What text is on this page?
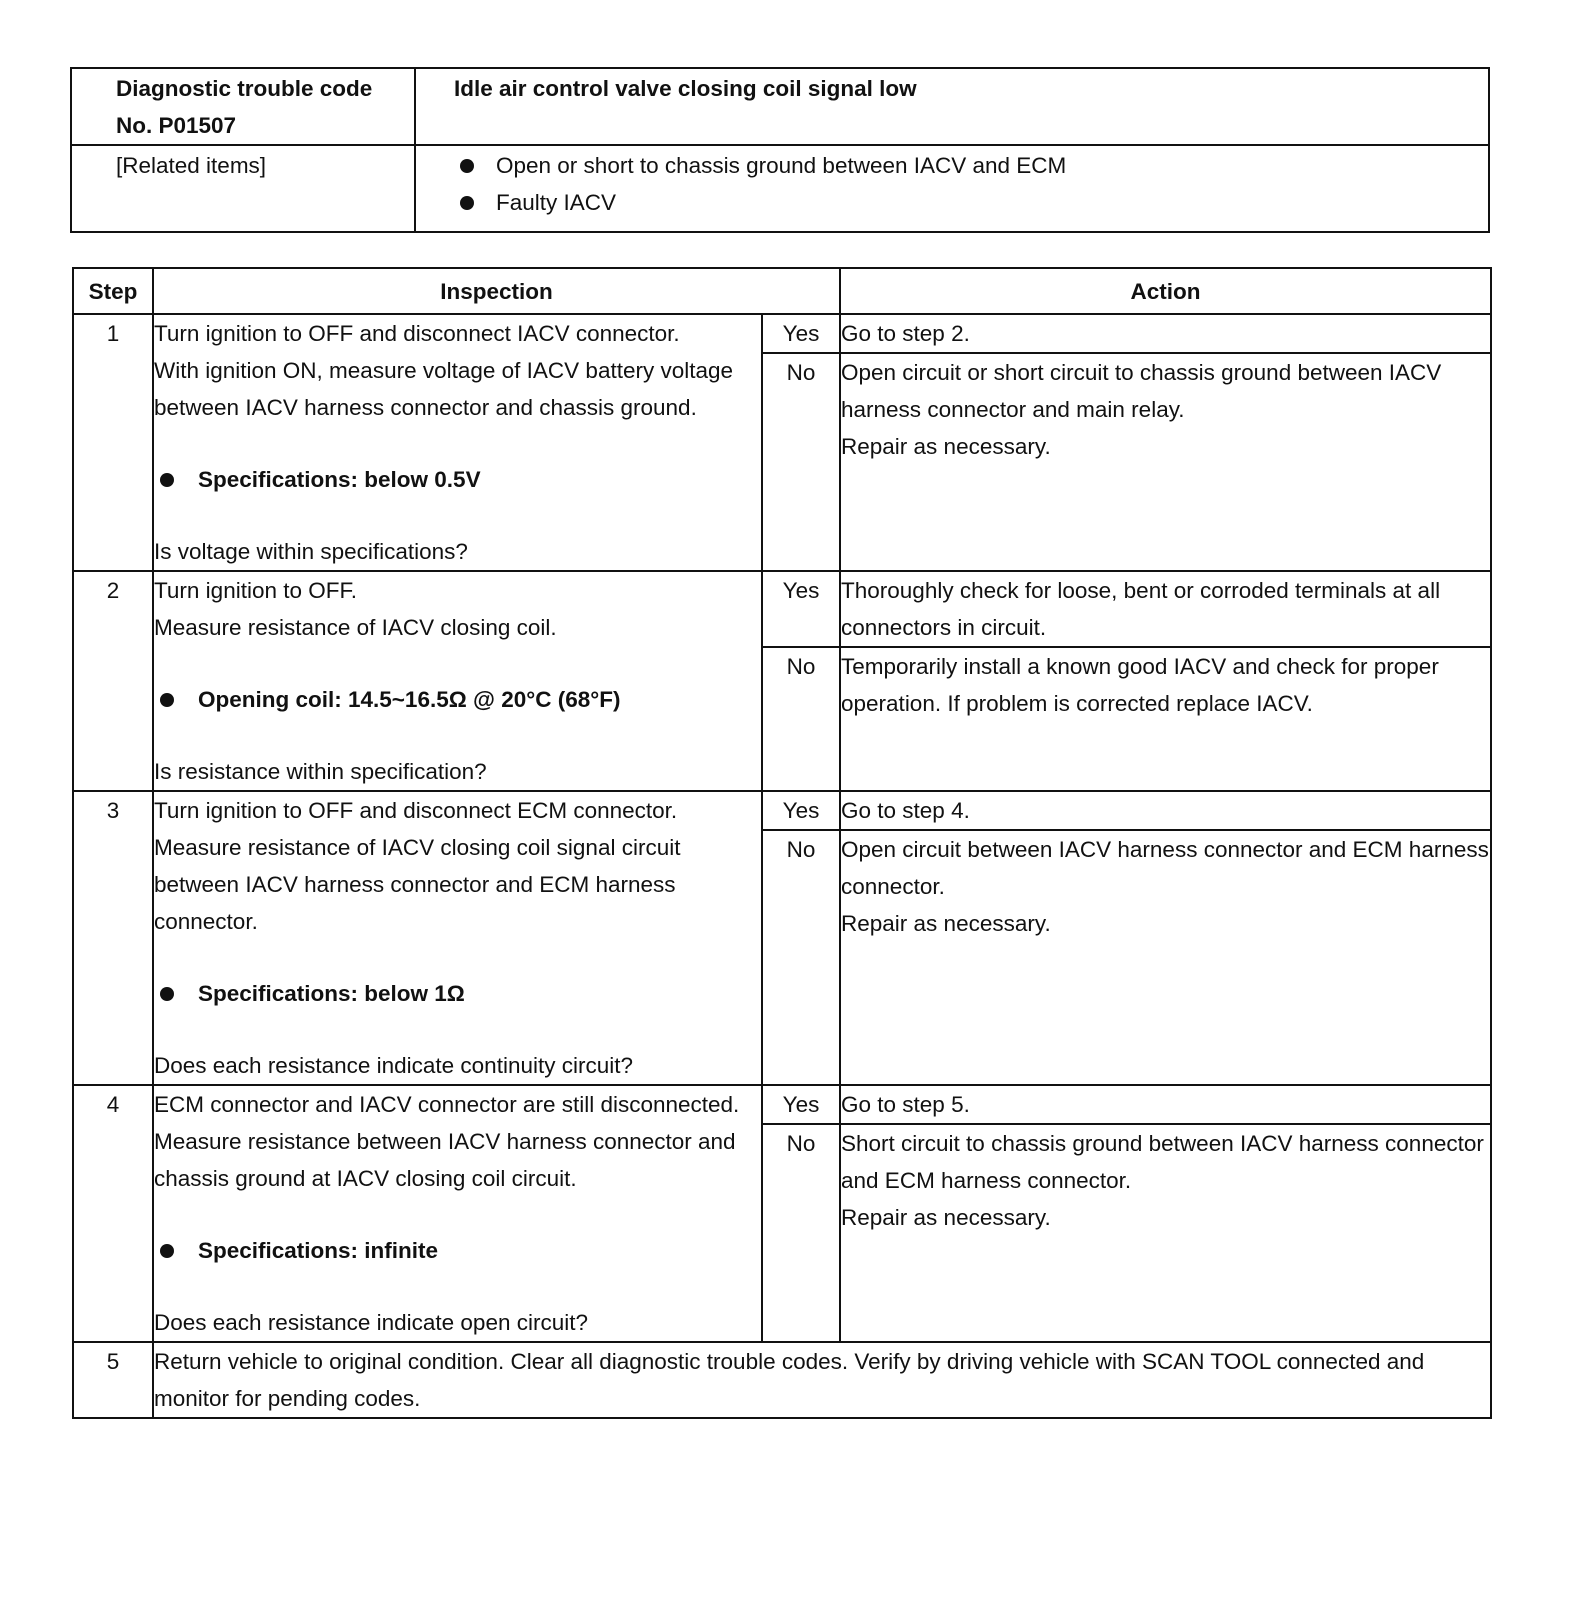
Diagnostic trouble code No. P01507	Idle air control valve closing coil signal low
[Related items]	Open or short to chassis ground between IACV and ECM
Faulty IACV
Step	Inspection		Action
1	Turn ignition to OFF and disconnect IACV connector.
With ignition ON, measure voltage of IACV battery voltage between IACV harness connector and chassis ground.
Specifications: below 0.5V
Is voltage within specifications?	Yes	Go to step 2.
		No	Open circuit or short circuit to chassis ground between IACV harness connector and main relay.
Repair as necessary.

2	Turn ignition to OFF.
Measure resistance of IACV closing coil.
Opening coil: 14.5~16.5Ω @ 20°C (68°F)
Is resistance within specification?	Yes	Thoroughly check for loose, bent or corroded terminals at all connectors in circuit.
		No	Temporarily install a known good IACV and check for proper operation. If problem is corrected replace IACV.
3	Turn ignition to OFF and disconnect ECM connector.
Measure resistance of IACV closing coil signal circuit between IACV harness connector and ECM harness connector.
Specifications: below 1Ω
Does each resistance indicate continuity circuit?	Yes	Go to step 4.
		No	Open circuit between IACV harness connector and ECM harness connector.
Repair as necessary.

4	ECM connector and IACV connector are still disconnected.
Measure resistance between IACV harness connector and chassis ground at IACV closing coil circuit.
Specifications: infinite
Does each resistance indicate open circuit?	Yes	Go to step 5.
		No	Short circuit to chassis ground between IACV harness connector and ECM harness connector.
Repair as necessary.

5	Return vehicle to original condition. Clear all diagnostic trouble codes. Verify by driving vehicle with SCAN TOOL connected and monitor for pending codes.		
